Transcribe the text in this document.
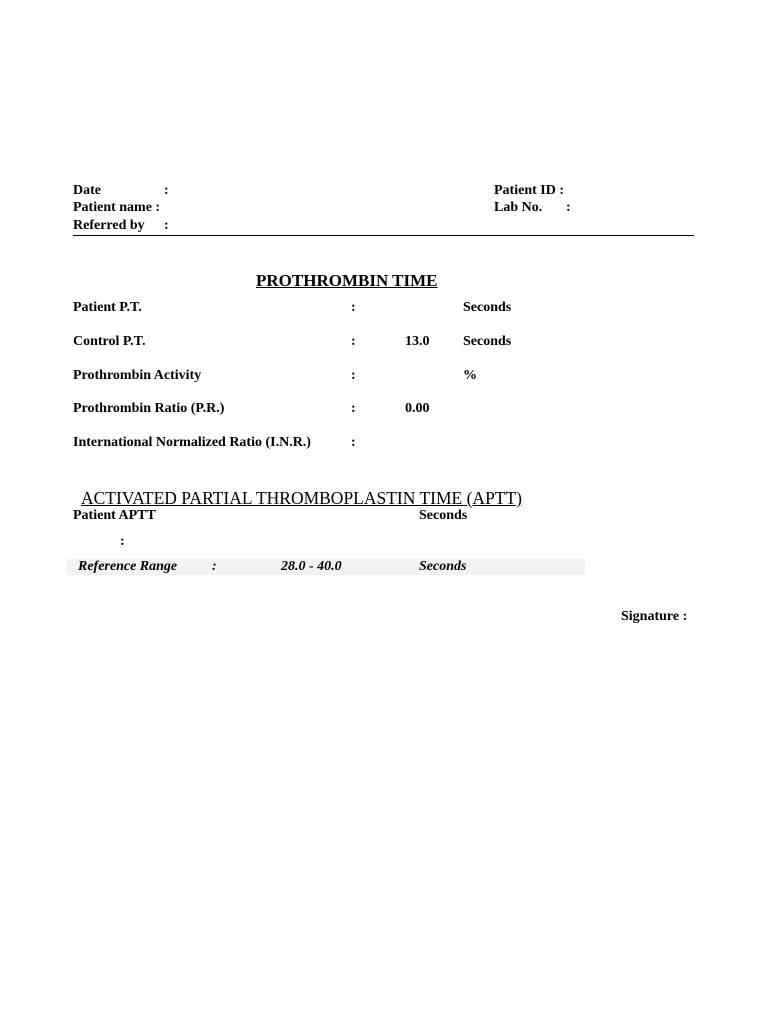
Date	:
Patient name :
Referred by :
Patient ID :
Lab No. :
PROTHROMBIN TIME
Patient P.T.	:	Seconds
Control P.T.	:	13.0 Seconds
Prothrombin Activity	:	%
Prothrombin Ratio (P.R.)	:	0.00
International Normalized Ratio (I.N.R.)	:
ACTIVATED PARTIAL THROMBOPLASTIN TIME (APTT)
Patient APTT	Seconds
:
Reference Range :	28.0 - 40.0	Seconds
Signature :
